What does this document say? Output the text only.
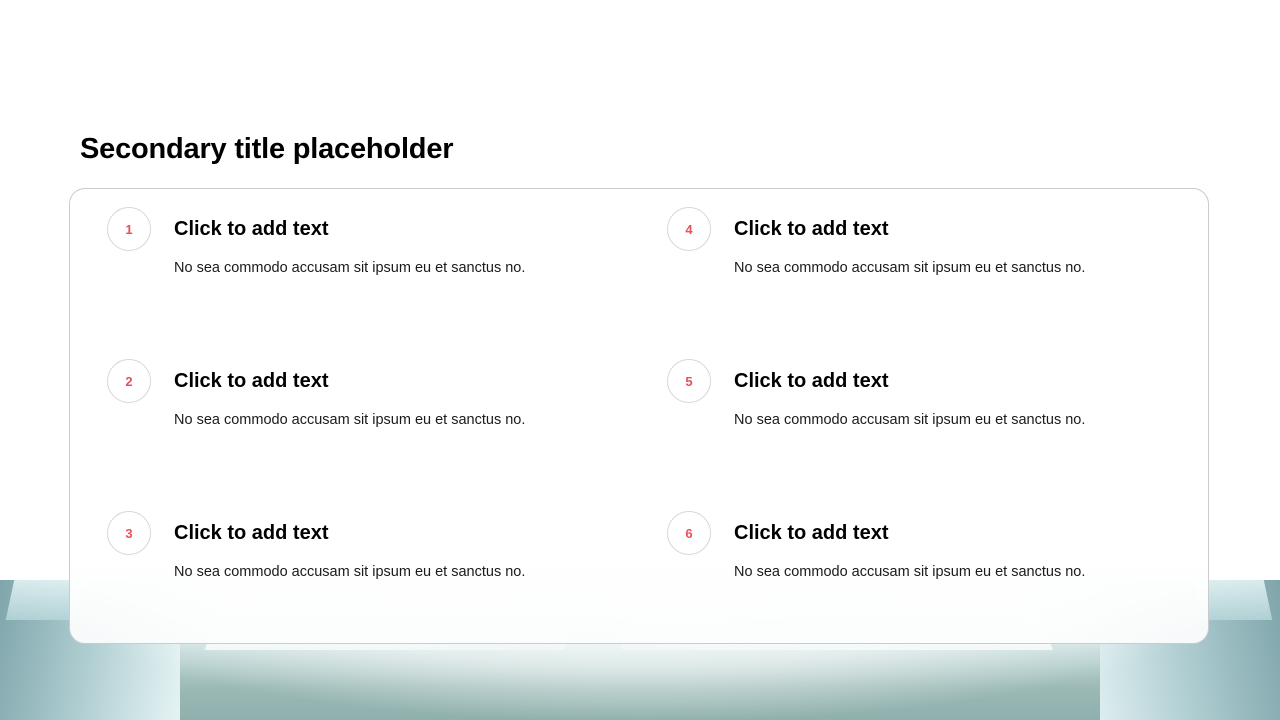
Secondary title placeholder
1	Click to add text
No sea commodo accusam sit ipsum eu et sanctus no.
4	Click to add text
No sea commodo accusam sit ipsum eu et sanctus no.
2	Click to add text
No sea commodo accusam sit ipsum eu et sanctus no.
5	Click to add text
No sea commodo accusam sit ipsum eu et sanctus no.
3	Click to add text
No sea commodo accusam sit ipsum eu et sanctus no.
6	Click to add text
No sea commodo accusam sit ipsum eu et sanctus no.
